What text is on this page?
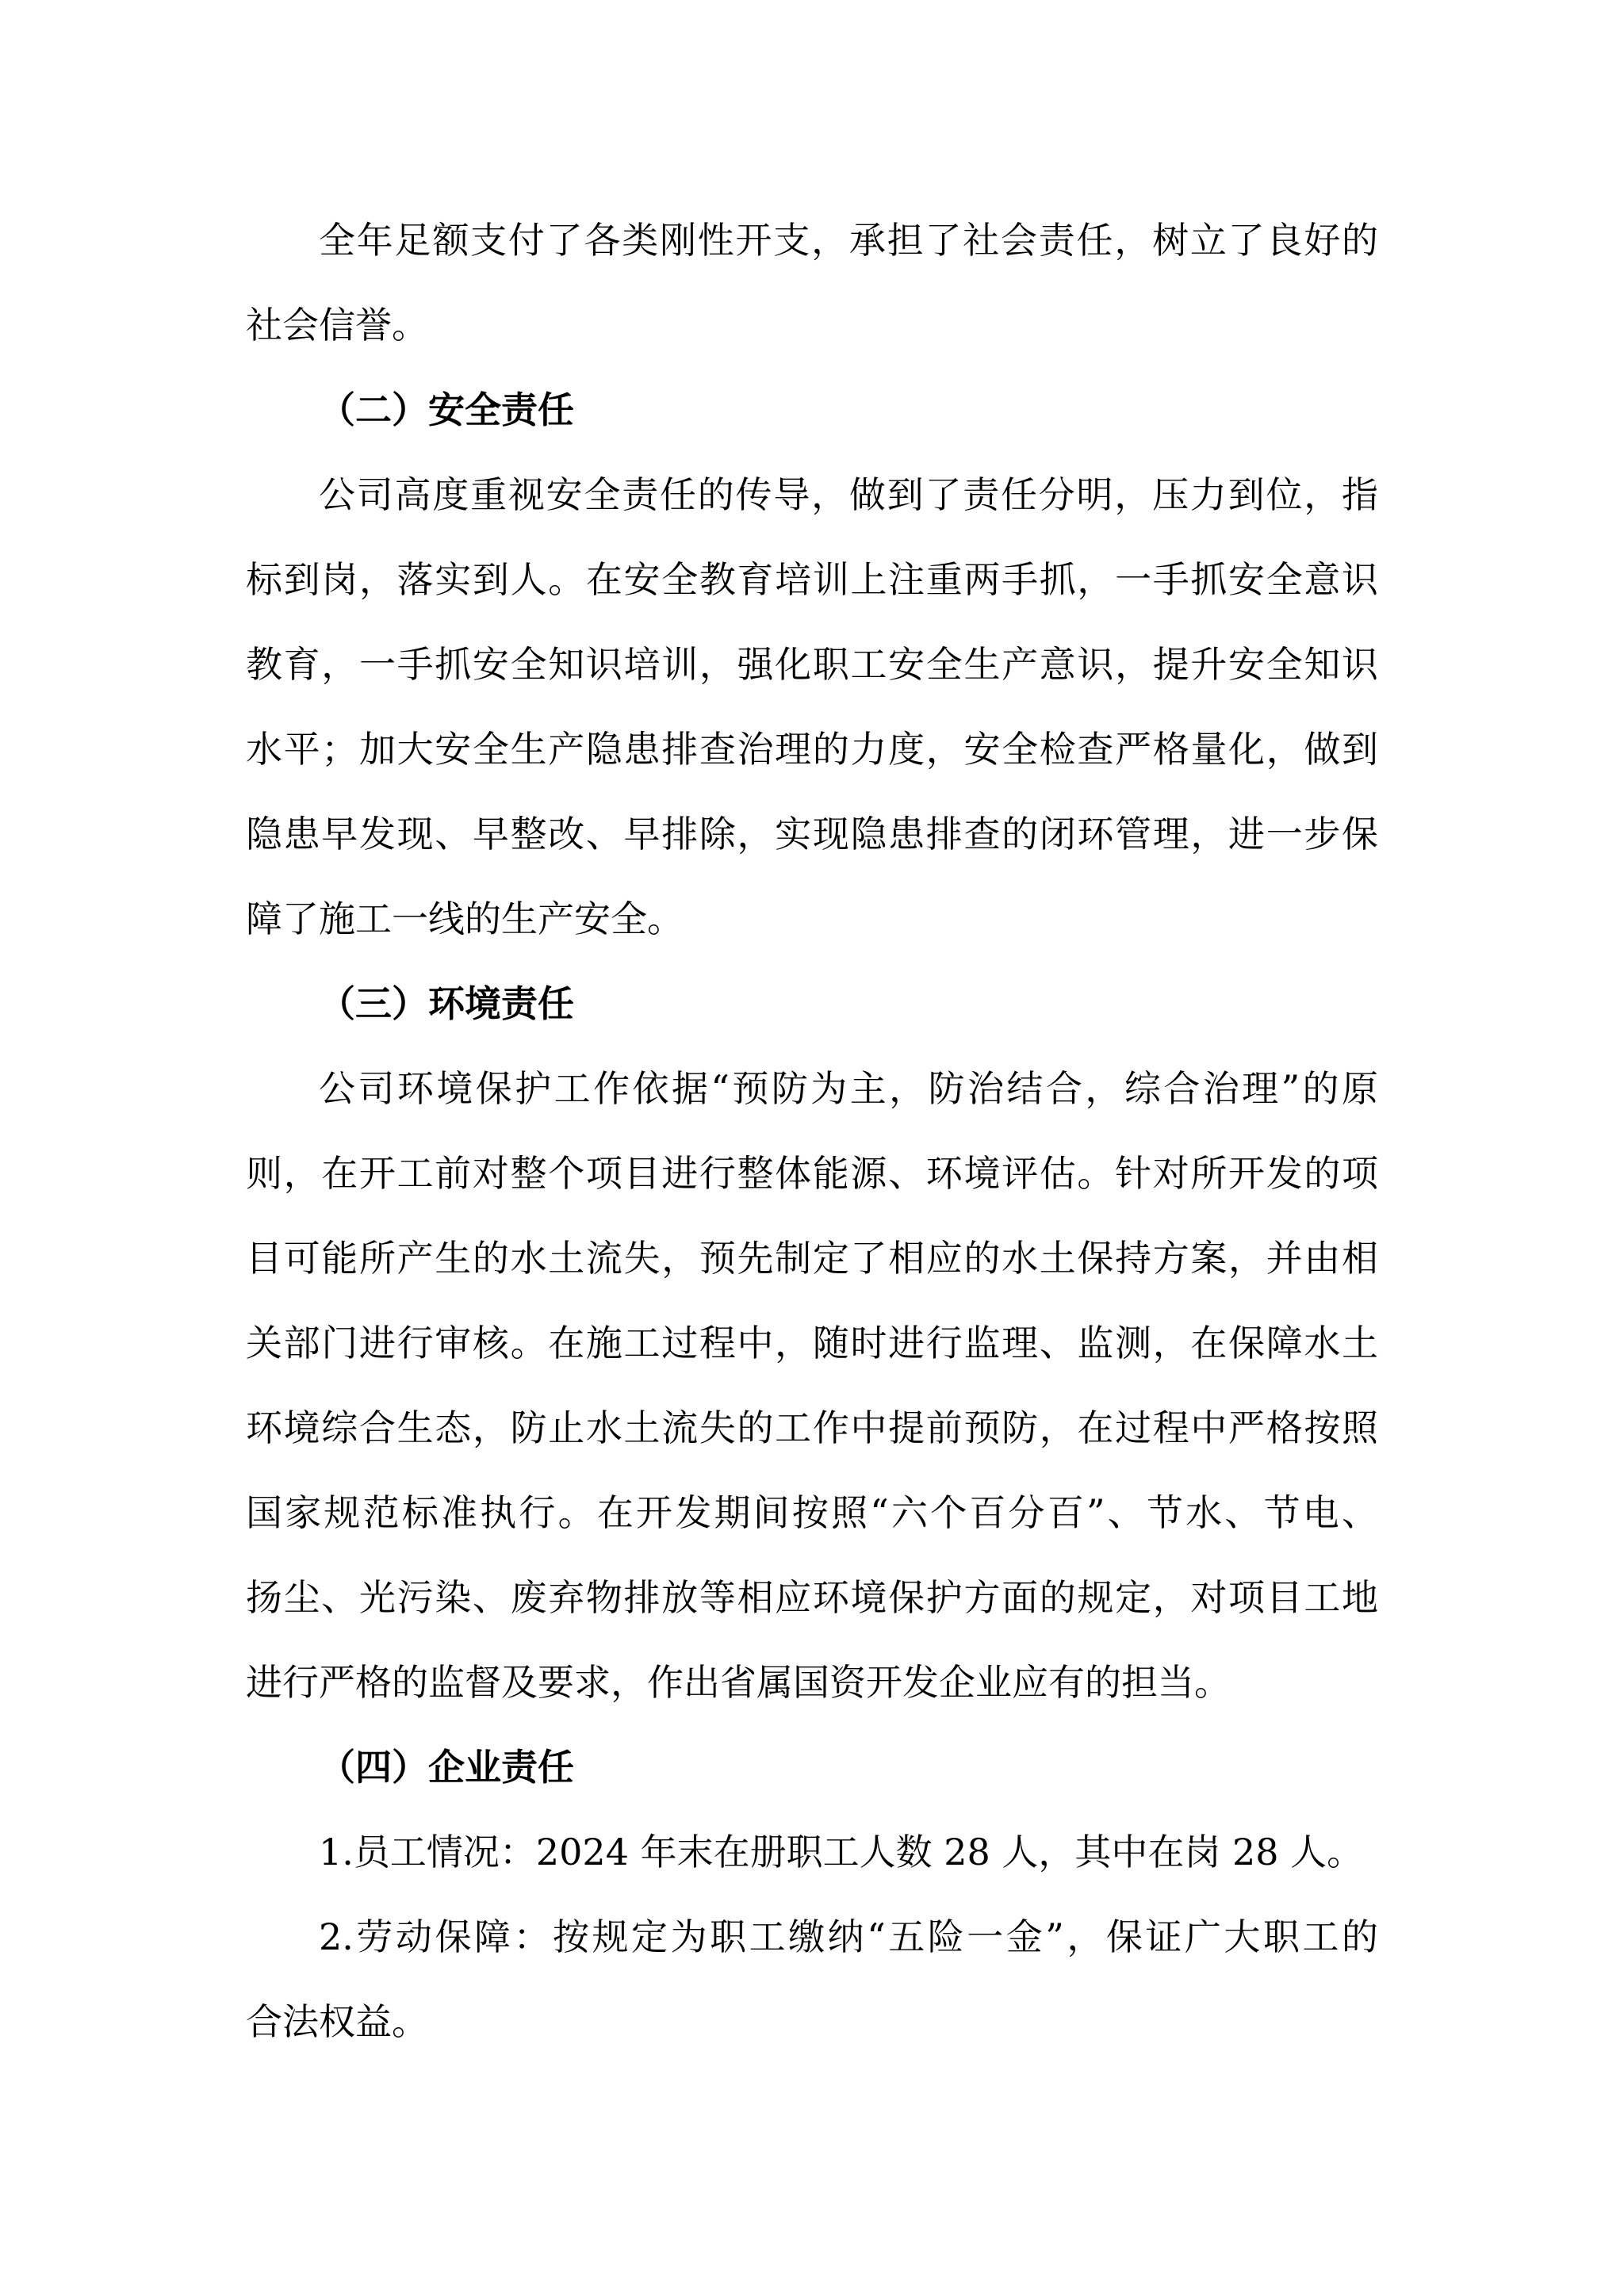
全年足额支付了各类刚性开支，承担了社会责任，树立了良好的
社会信誉。
（二）安全责任
公司高度重视安全责任的传导，做到了责任分明，压力到位，指
标到岗，落实到人。在安全教育培训上注重两手抓，一手抓安全意识
教育，一手抓安全知识培训，强化职工安全生产意识，提升安全知识
水平；加大安全生产隐患排查治理的力度，安全检查严格量化，做到
隐患早发现、早整改、早排除，实现隐患排查的闭环管理，进一步保
障了施工一线的生产安全。
（三）环境责任
公司环境保护工作依据“预防为主，防治结合，综合治理”的原
则，在开工前对整个项目进行整体能源、环境评估。针对所开发的项
目可能所产生的水土流失，预先制定了相应的水土保持方案，并由相
关部门进行审核。在施工过程中，随时进行监理、监测，在保障水土
环境综合生态，防止水土流失的工作中提前预防，在过程中严格按照
国家规范标准执行。在开发期间按照“六个百分百”、节水、节电、
扬尘、光污染、废弃物排放等相应环境保护方面的规定，对项目工地
进行严格的监督及要求，作出省属国资开发企业应有的担当。
（四）企业责任
1.员工情况：2024 年末在册职工人数 28 人，其中在岗 28 人。
2.劳动保障：按规定为职工缴纳“五险一金”，保证广大职工的
合法权益。
